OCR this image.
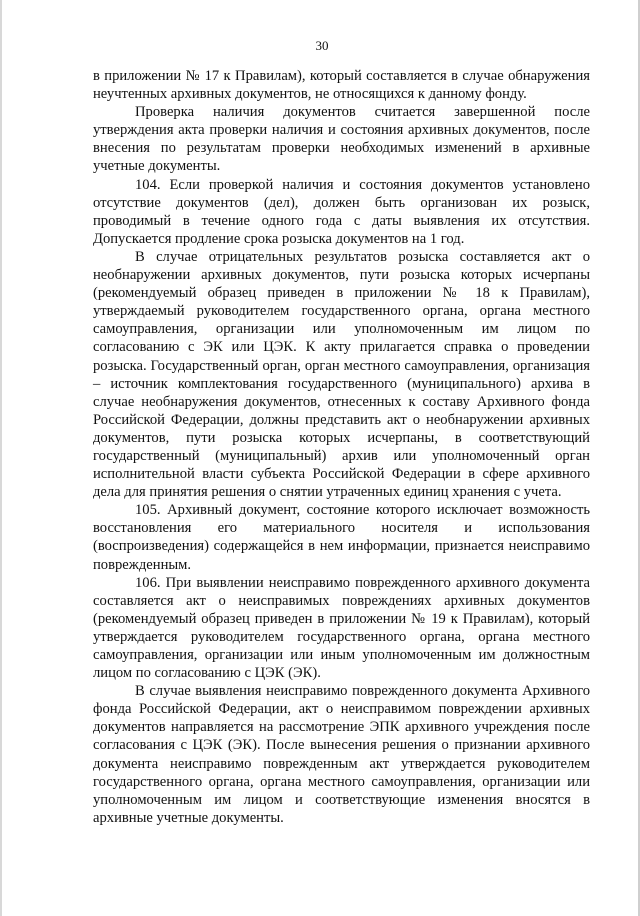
30

в приложении № 17 к Правилам), который составляется в случае обнаружения неучтенных архивных документов, не относящихся к данному фонду.

Проверка наличия документов считается завершенной после утверждения акта проверки наличия и состояния архивных документов, после внесения по результатам проверки необходимых изменений в архивные учетные документы.

104. Если проверкой наличия и состояния документов установлено отсутствие документов (дел), должен быть организован их розыск, проводимый в течение одного года с даты выявления их отсутствия. Допускается продление срока розыска документов на 1 год.

В случае отрицательных результатов розыска составляется акт о необнаружении архивных документов, пути розыска которых исчерпаны (рекомендуемый образец приведен в приложении № 18 к Правилам), утверждаемый руководителем государственного органа, органа местного самоуправления, организации или уполномоченным им лицом по согласованию с ЭК или ЦЭК. К акту прилагается справка о проведении розыска. Государственный орган, орган местного самоуправления, организация – источник комплектования государственного (муниципального) архива в случае необнаружения документов, отнесенных к составу Архивного фонда Российской Федерации, должны представить акт о необнаружении архивных документов, пути розыска которых исчерпаны, в соответствующий государственный (муниципальный) архив или уполномоченный орган исполнительной власти субъекта Российской Федерации в сфере архивного дела для принятия решения о снятии утраченных единиц хранения с учета.

105. Архивный документ, состояние которого исключает возможность восстановления его материального носителя и использования (воспроизведения) содержащейся в нем информации, признается неисправимо поврежденным.

106. При выявлении неисправимо поврежденного архивного документа составляется акт о неисправимых повреждениях архивных документов (рекомендуемый образец приведен в приложении № 19 к Правилам), который утверждается руководителем государственного органа, органа местного самоуправления, организации или иным уполномоченным им должностным лицом по согласованию с ЦЭК (ЭК).

В случае выявления неисправимо поврежденного документа Архивного фонда Российской Федерации, акт о неисправимом повреждении архивных документов направляется на рассмотрение ЭПК архивного учреждения после согласования с ЦЭК (ЭК). После вынесения решения о признании архивного документа неисправимо поврежденным акт утверждается руководителем государственного органа, органа местного самоуправления, организации или уполномоченным им лицом и соответствующие изменения вносятся в архивные учетные документы.
